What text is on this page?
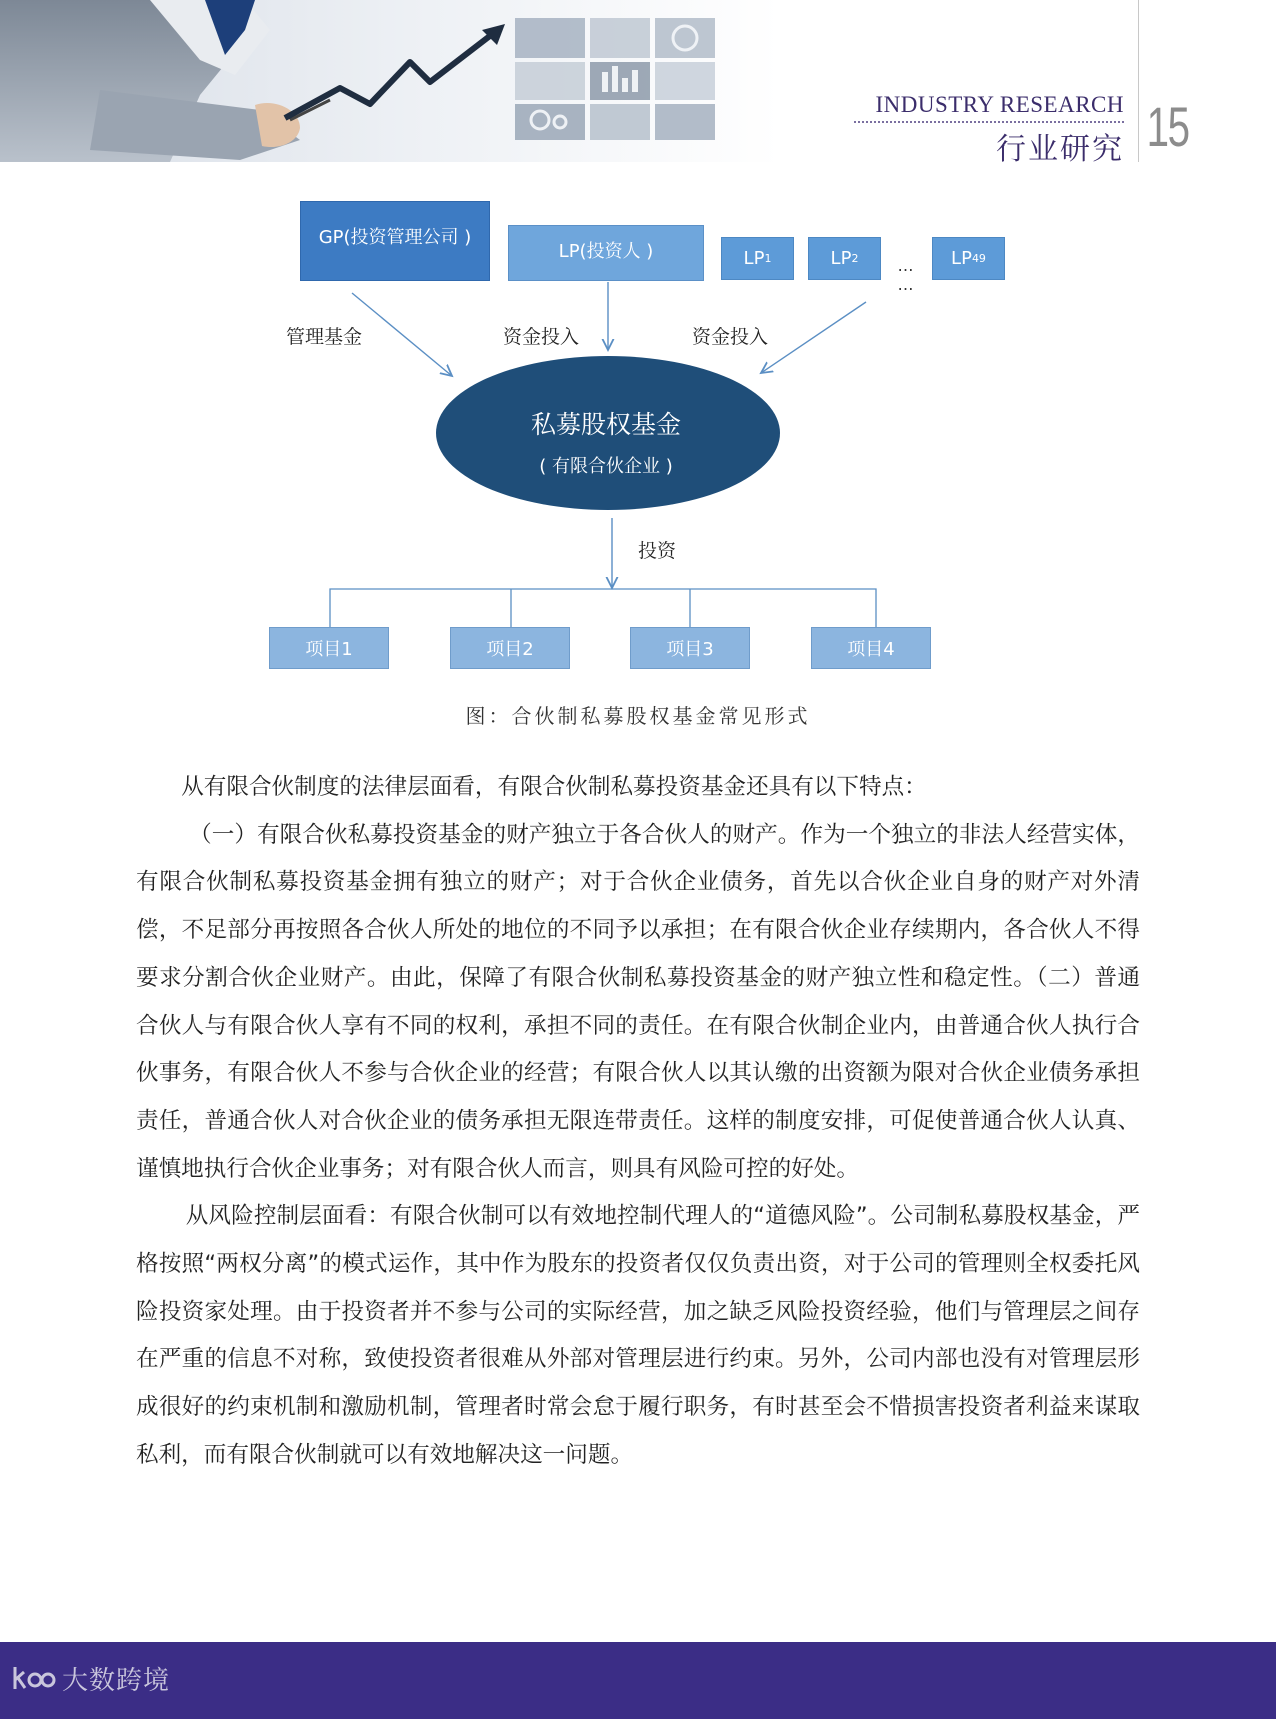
INDUSTRY RESEARCH
行业研究 15
GP(投资管理公司 )
LP(投资人 )	LP 1	LP 2	… …
LP 49
管理基金	资金投入	资金投入
私募股权基金
( 有限合伙企业 )
投资
项目1	项目2	项目3	项目4
图：合伙制私募股权基金常见形式

从有限合伙制度的法律层面看，有限合伙制私募投资基金还具有以下特点：

（一）有限合伙私募投资基金的财产独立于各合伙人的财产。作为一个独立的非法人经营实体，有限合伙制私募投资基金拥有独立的财产；对于合伙企业债务，首先以合伙企业自身的财产对外清偿，不足部分再按照各合伙人所处的地位的不同予以承担；在有限合伙企业存续期内，各合伙人不得要求分割合伙企业财产。由此，保障了有限合伙制私募投资基金的财产独立性和稳定性。（二）普通合伙人与有限合伙人享有不同的权利，承担不同的责任。在有限合伙制企业内，由普通合伙人执行合伙事务，有限合伙人不参与合伙企业的经营；有限合伙人以其认缴的出资额为限对合伙企业债务承担责任，普通合伙人对合伙企业的债务承担无限连带责任。这样的制度安排，可促使普通合伙人认真、谨慎地执行合伙企业事务；对有限合伙人而言，则具有风险可控的好处。

从风险控制层面看：有限合伙制可以有效地控制代理人的“道德风险”。公司制私募股权基金，严格按照“两权分离”的模式运作，其中作为股东的投资者仅仅负责出资，对于公司的管理则全权委托风险投资家处理。由于投资者并不参与公司的实际经营，加之缺乏风险投资经验，他们与管理层之间存在严重的信息不对称，致使投资者很难从外部对管理层进行约束。另外，公司内部也没有对管理层形成很好的约束机制和激励机制，管理者时常会怠于履行职务，有时甚至会不惜损害投资者利益来谋取私利，而有限合伙制就可以有效地解决这一问题。

大数跨境
